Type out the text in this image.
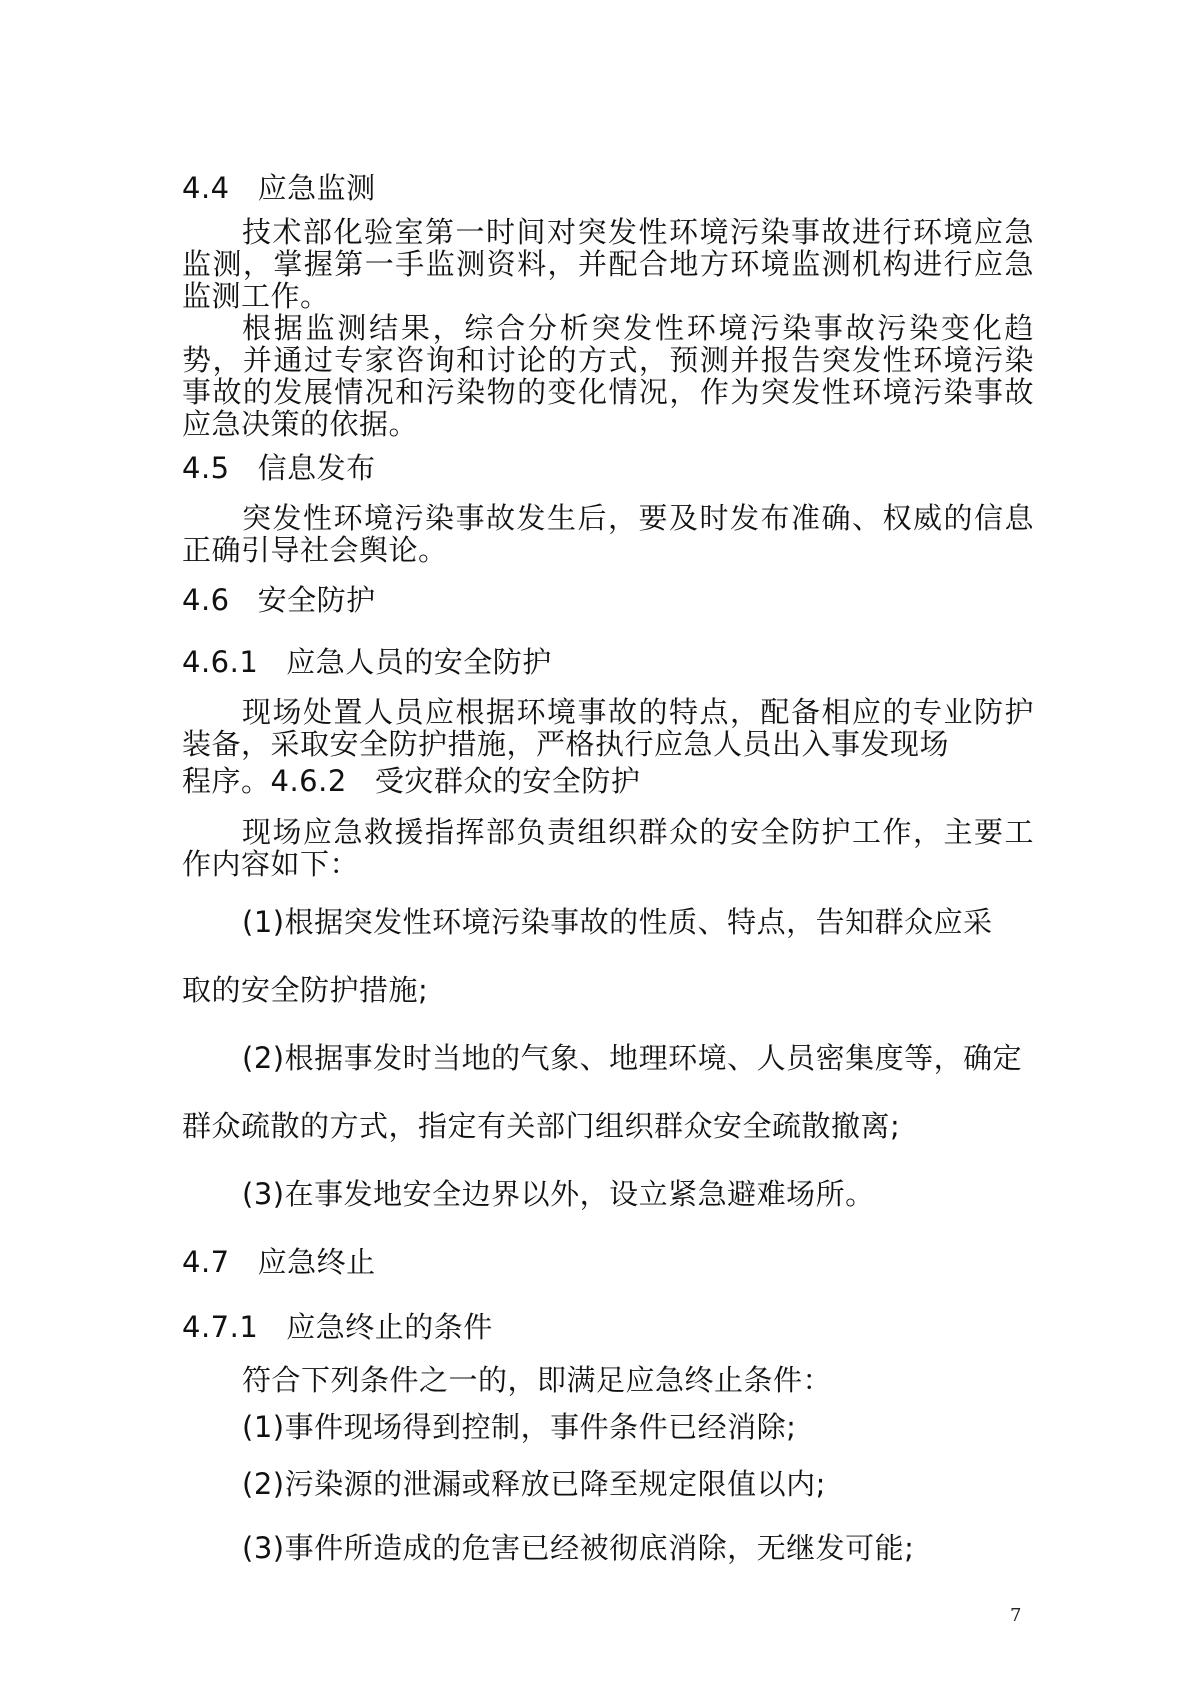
4.4 应急监测
技术部化验室第一时间对突发性环境污染事故进行环境应急监测，掌握第一手监测资料，并配合地方环境监测机构进行应急监测工作。
根据监测结果，综合分析突发性环境污染事故污染变化趋势，并通过专家咨询和讨论的方式，预测并报告突发性环境污染事故的发展情况和污染物的变化情况，作为突发性环境污染事故应急决策的依据。
4.5 信息发布
突发性环境污染事故发生后，要及时发布准确、权威的信息正确引导社会舆论。
4.6 安全防护
4.6.1 应急人员的安全防护
现场处置人员应根据环境事故的特点，配备相应的专业防护装备，采取安全防护措施，严格执行应急人员出入事发现场
程序。4.6.2 受灾群众的安全防护
现场应急救援指挥部负责组织群众的安全防护工作，主要工作内容如下：
(1)根据突发性环境污染事故的性质、特点，告知群众应采
取的安全防护措施;
(2)根据事发时当地的气象、地理环境、人员密集度等，确定
群众疏散的方式，指定有关部门组织群众安全疏散撤离;
(3)在事发地安全边界以外，设立紧急避难场所。
4.7 应急终止
4.7.1 应急终止的条件
符合下列条件之一的，即满足应急终止条件：
(1)事件现场得到控制，事件条件已经消除;
(2)污染源的泄漏或释放已降至规定限值以内;
(3)事件所造成的危害已经被彻底消除，无继发可能;
7
